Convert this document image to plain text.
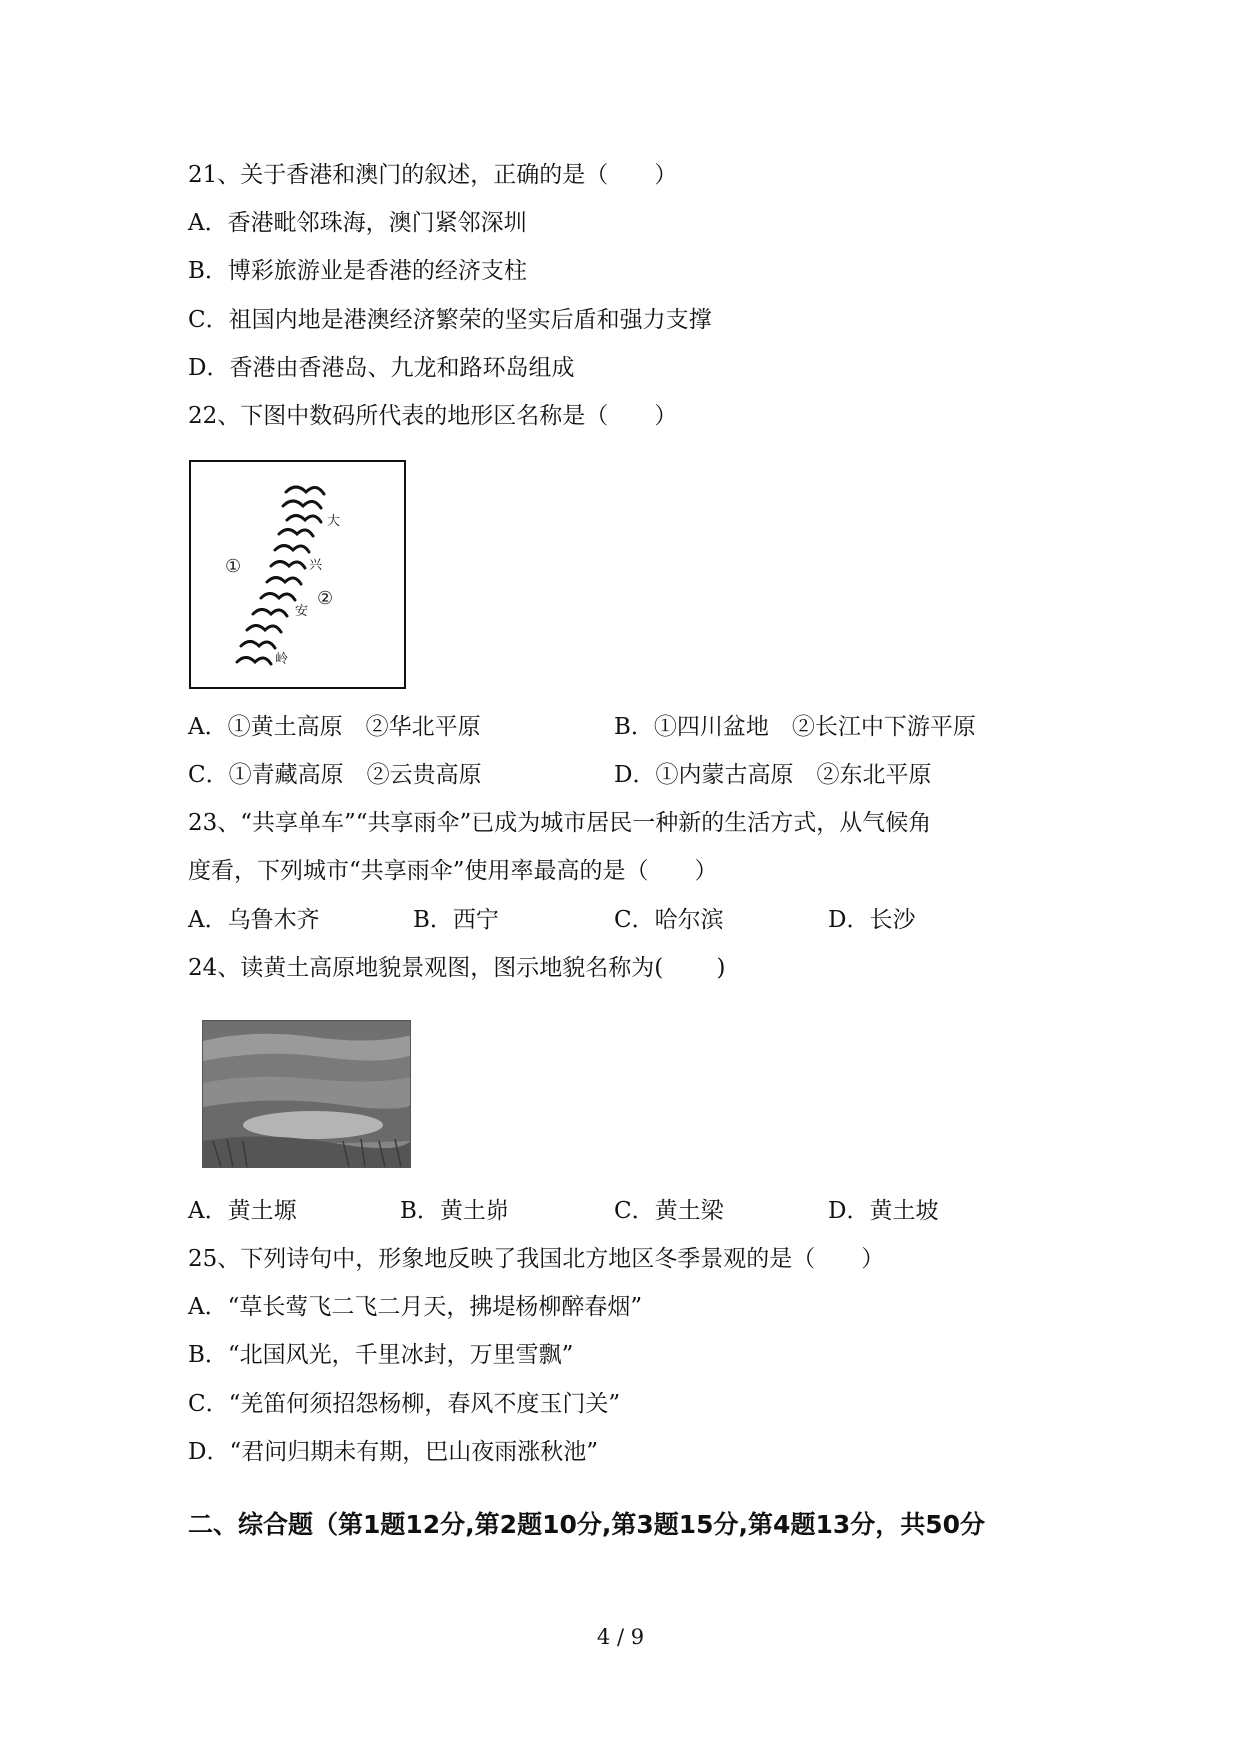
21、关于香港和澳门的叙述，正确的是（　　）
A．香港毗邻珠海，澳门紧邻深圳
B．博彩旅游业是香港的经济支柱
C．祖国内地是港澳经济繁荣的坚实后盾和强力支撑
D．香港由香港岛、九龙和路环岛组成
22、下图中数码所代表的地形区名称是（　　）
①
②
大
兴
安
岭
A．①黄土高原　②华北平原	B．①四川盆地　②长江中下游平原
C．①青藏高原　②云贵高原	D．①内蒙古高原　②东北平原
23、“共享单车”“共享雨伞”已成为城市居民一种新的生活方式，从气候角
度看，下列城市“共享雨伞”使用率最高的是（　　）
A．乌鲁木齐	B．西宁	C．哈尔滨	D．长沙
24、读黄土高原地貌景观图，图示地貌名称为(　　 )
A．黄土塬	B．黄土峁	C．黄土梁	D．黄土坡
25、下列诗句中，形象地反映了我国北方地区冬季景观的是（　　）
A．“草长莺飞二飞二月天，拂堤杨柳醉春烟”
B．“北国风光，千里冰封，万里雪飘”
C．“羌笛何须招怨杨柳，春风不度玉门关”
D．“君问归期未有期，巴山夜雨涨秋池”
二、综合题（第1题12分,第2题10分,第3题15分,第4题13分，共50分
4 / 9
